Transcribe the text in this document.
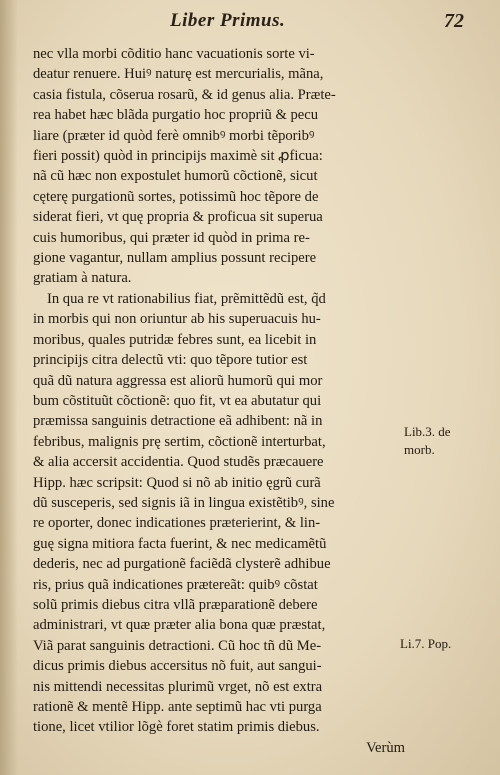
Liber Primus.	72

nec vlla morbi cõditio hanc vacuationis sorte vi-
deatur renuere. Huiꝰ naturę est mercurialis, mãna,
casia fistula, cõserua rosarũ, & id genus alia. Præte-
rea habet hæc blãda purgatio hoc propriũ & pecu
liare (præter id quòd ferè omnibꝰ morbi tẽporibꝰ
fieri possit) quòd in principijs maximè sit ꝓficua:
nã cũ hæc non expostulet humorũ cõctionẽ, sicut
cęterę purgationũ sortes, potissimũ hoc tẽpore de
siderat fieri, vt quę propria & proficua sit superua
cuis humoribus, qui præter id quòd in prima re-
gione vagantur, nullam amplius possunt recipere
gratiam à natura.

In qua re vt rationabilius fiat, prẽmittẽdũ est, q̃d
in morbis qui non oriuntur ab his superuacuis hu-
moribus, quales putridæ febres sunt, ea licebit in
principijs citra delectũ vti: quo tẽpore tutior est
quã dũ natura aggressa est aliorũ humorũ qui mor
bum cõstituũt cõctionẽ: quo fit, vt ea abutatur qui
præmissa sanguinis detractione eã adhibent: nã in
febribus, malignis prę sertim, cõctionẽ interturbat,
& alia accersit accidentia. Quod studẽs præcauere
Hipp. hæc scripsit: Quod si nõ ab initio ęgrũ curã
dũ susceperis, sed signis iã in lingua existẽtibꝰ, sine
re oporter, donec indicationes præterierint, & lin-
guę signa mitiora facta fuerint, & nec medicamẽtũ
dederis, nec ad purgationẽ faciẽdã clysterẽ adhibue
ris, prius quã indicationes prætereãt: quibꝰ cõstat
solũ primis diebus citra vllã præparationẽ debere
administrari, vt quæ præter alia bona quæ præstat,
Viã parat sanguinis detractioni. Cũ hoc tñ dũ Me-
dicus primis diebus accersitus nõ fuit, aut sangui-
nis mittendi necessitas plurimũ vrget, nõ est extra
rationẽ & mentẽ Hipp. ante septimũ hac vti purga
tione, licet vtilior lõgè foret statim primis diebus.

Verùm
Lib.3. de
morb.
Li.7. Pop.
